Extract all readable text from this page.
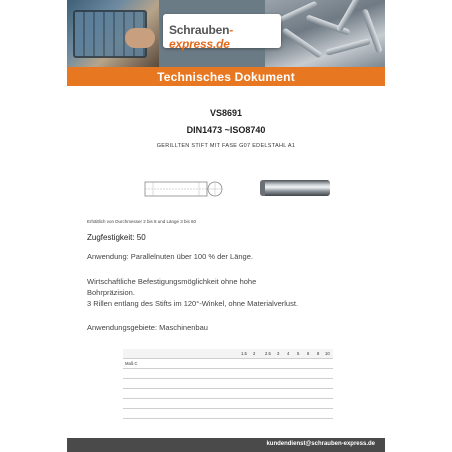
Schrauben-express.de
Technisches Dokument
VS8691
DIN1473 ~ISO8740
GERILLTEN STIFT MIT FASE G07 EDELSTAHL A1
Erhältlich von Durchmesser 2 bis 8 und Länge 3 bis 60
Zugfestigkeit: 50
Anwendung: Parallelnuten über 100 % der Länge.
Wirtschaftliche Befestigungsmöglichkeit ohne hohe
Bohrpräzision.
3 Rillen entlang des Stifts im 120°-Winkel, ohne Materialverlust.
Anwendungsgebiete: Maschinenbau
1.5 2 2.5 3 4 5 6 8 10
Maß C
kundendienst@schrauben-express.de
